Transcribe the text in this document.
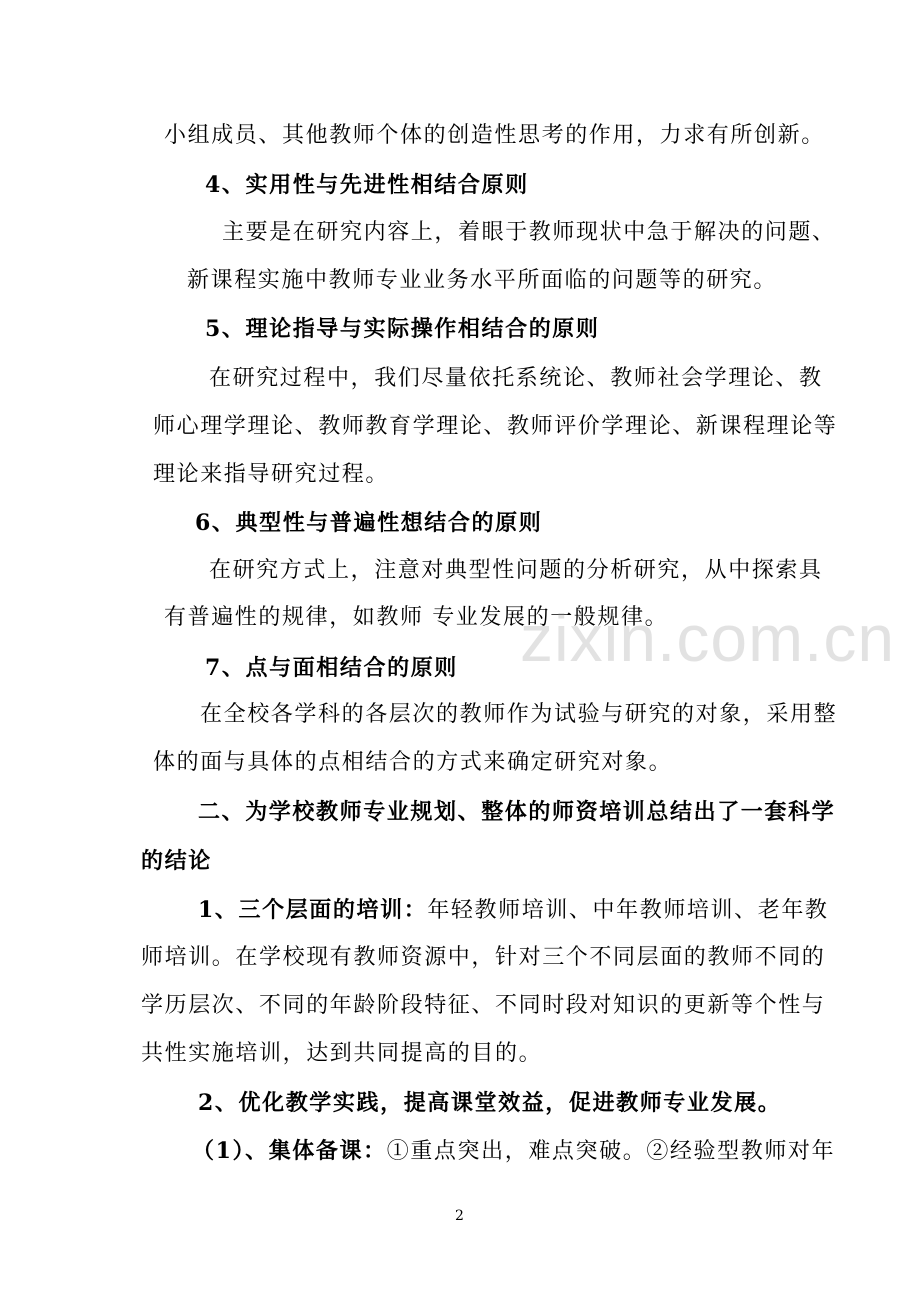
小组成员、其他教师个体的创造性思考的作用，力求有所创新。
4、实用性与先进性相结合原则
主要是在研究内容上，着眼于教师现状中急于解决的问题、
新课程实施中教师专业业务水平所面临的问题等的研究。
5、理论指导与实际操作相结合的原则
在研究过程中，我们尽量依托系统论、教师社会学理论、教
师心理学理论、教师教育学理论、教师评价学理论、新课程理论等
理论来指导研究过程。
6、典型性与普遍性想结合的原则
在研究方式上，注意对典型性问题的分析研究，从中探索具
有普遍性的规律，如教师 专业发展的一般规律。
7、点与面相结合的原则
在全校各学科的各层次的教师作为试验与研究的对象，采用整
体的面与具体的点相结合的方式来确定研究对象。
二、为学校教师专业规划、整体的师资培训总结出了一套科学
的结论
1、三个层面的培训：年轻教师培训、中年教师培训、老年教
师培训。在学校现有教师资源中，针对三个不同层面的教师不同的
学历层次、不同的年龄阶段特征、不同时段对知识的更新等个性与
共性实施培训，达到共同提高的目的。
2、优化教学实践，提高课堂效益，促进教师专业发展。
（1）、集体备课：①重点突出，难点突破。②经验型教师对年
zixin.com.cn
2
